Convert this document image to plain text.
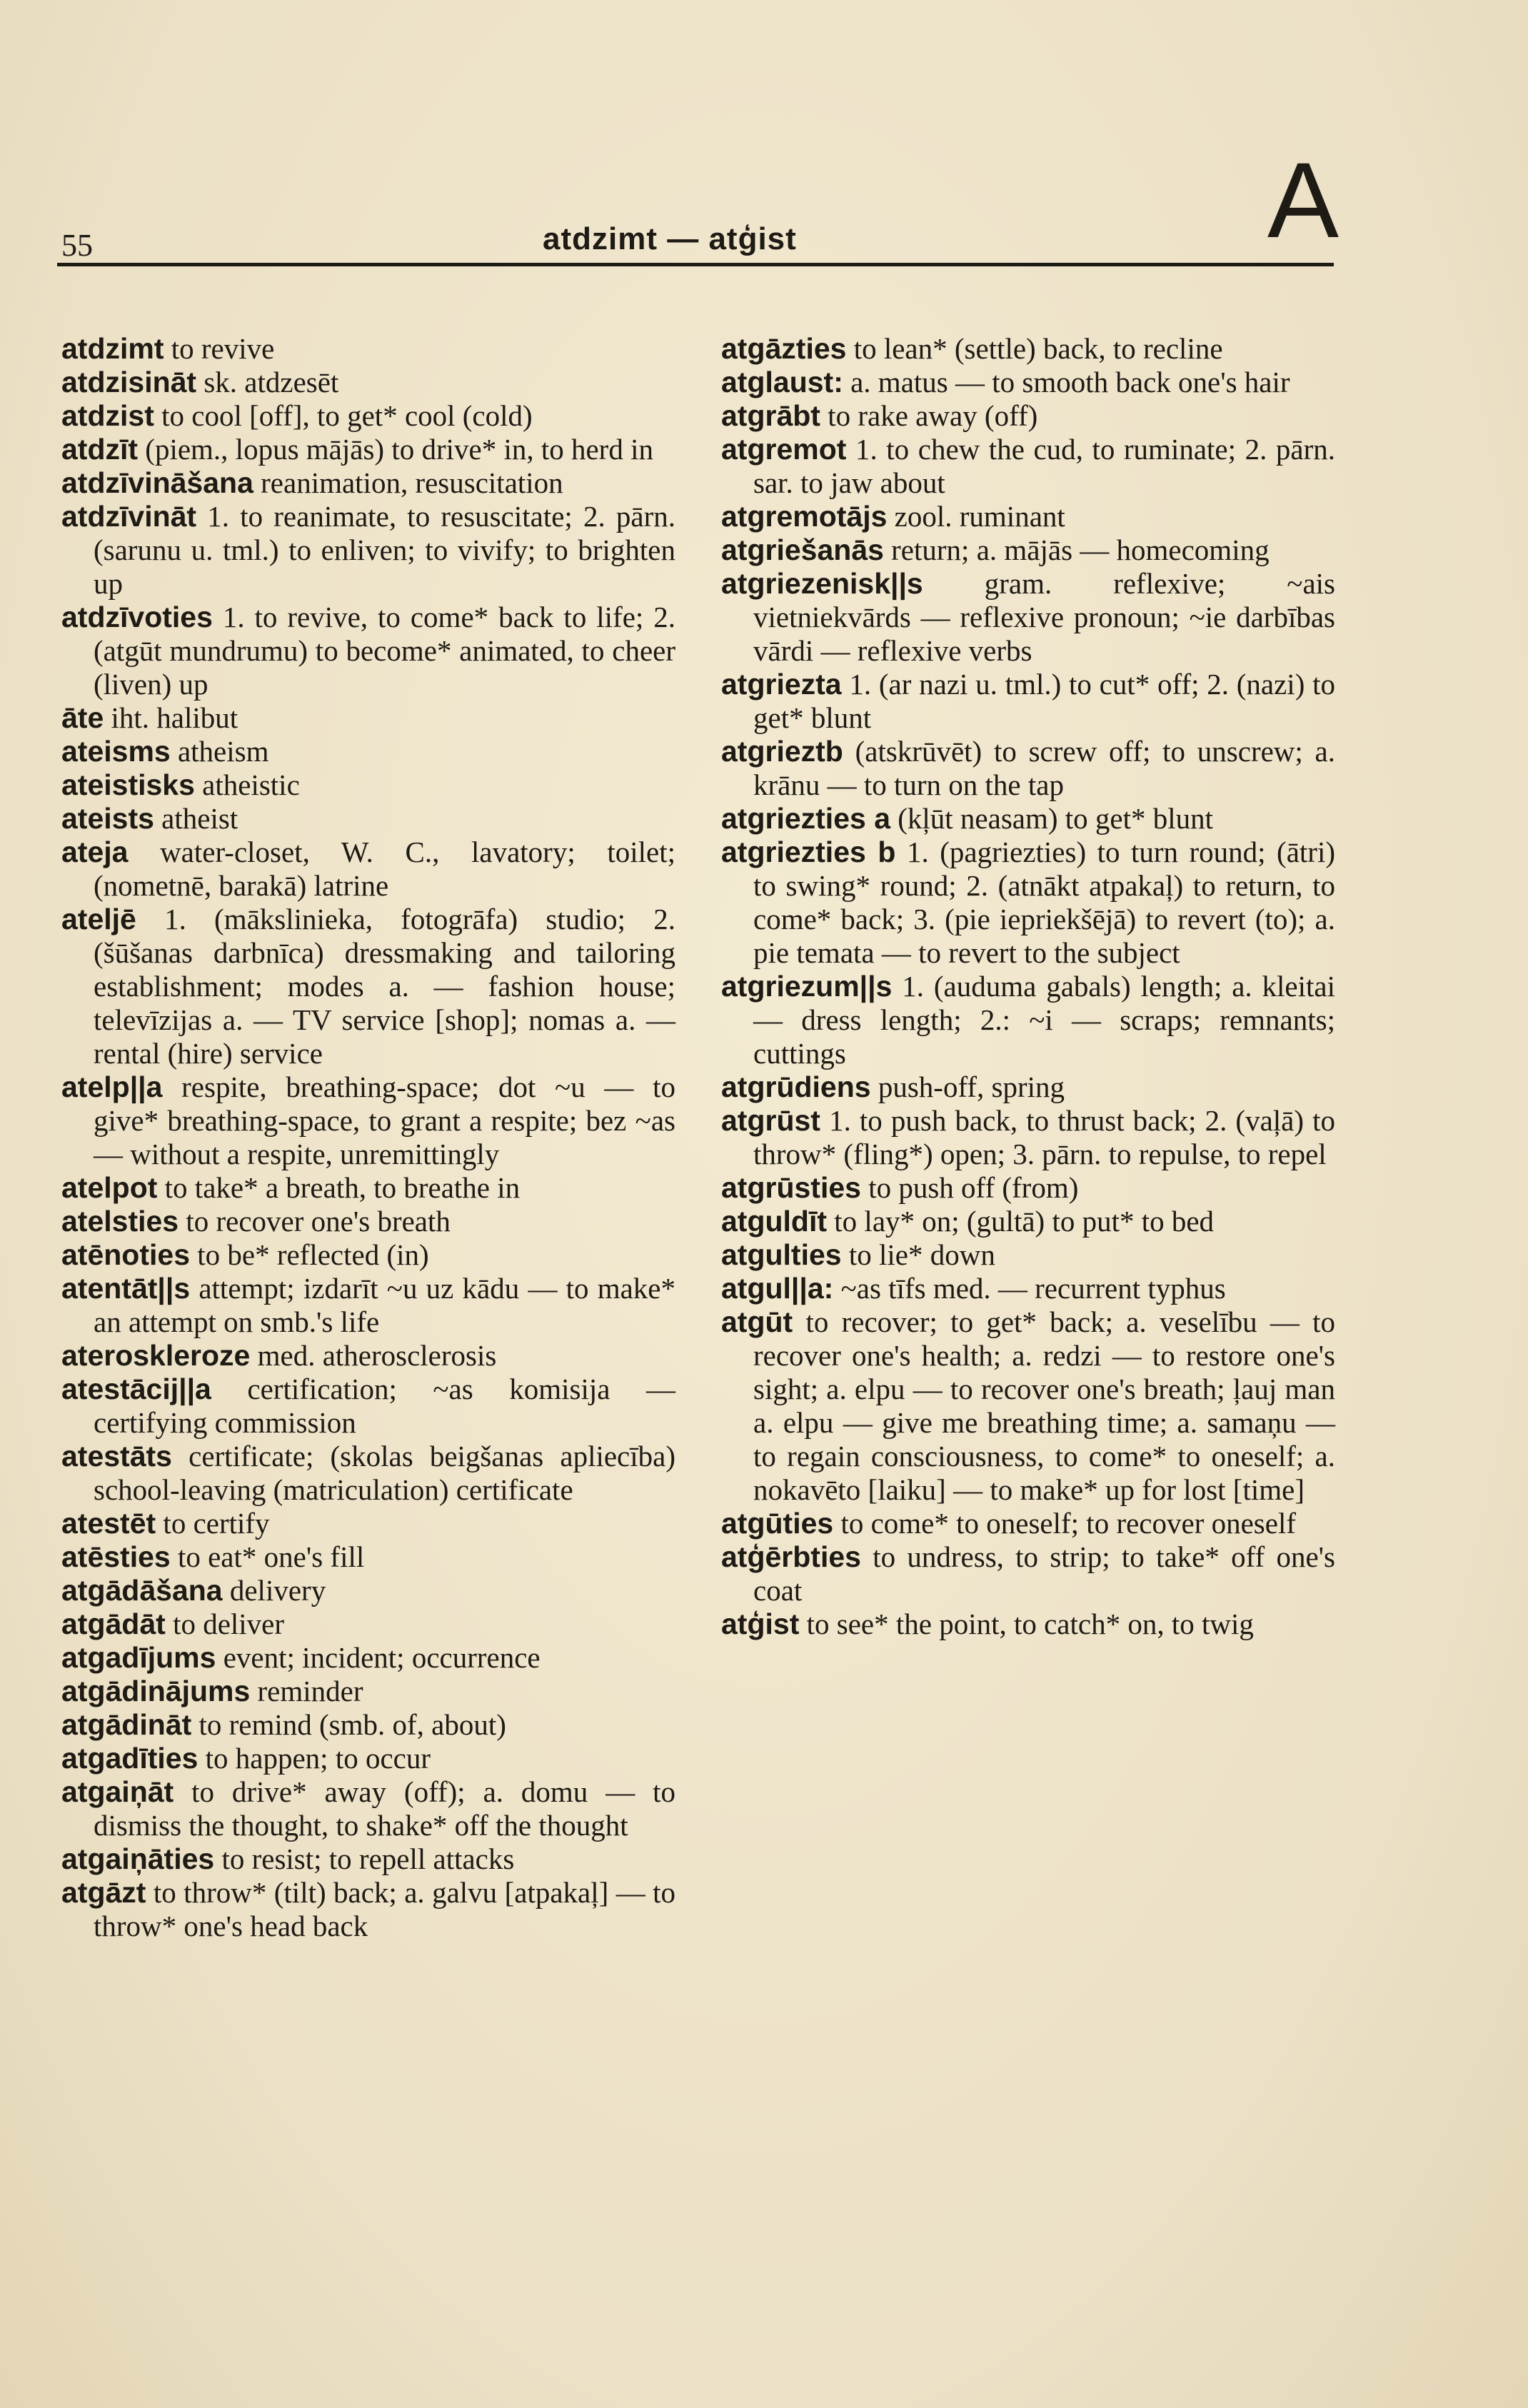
55	atdzimt — atģist	A

atdzimt to revive

atdzisināt sk. atdzesēt

atdzist to cool [off], to get* cool (cold)

atdzīt (piem., lopus mājās) to drive* in, to herd in

atdzīvināšana reanimation, resuscitation

atdzīvināt 1. to reanimate, to resuscitate; 2. pārn. (sarunu u. tml.) to enliven; to vivify; to brighten up

atdzīvoties 1. to revive, to come* back to life; 2. (atgūt mundrumu) to become* animated, to cheer (liven) up

āte iht. halibut

ateisms atheism

ateistisks atheistic

ateists atheist

ateja water-closet, W. C., lavatory; toilet; (nometnē, barakā) latrine

ateljē 1. (mākslinieka, fotogrāfa) studio; 2. (šūšanas darbnīca) dressmaking and tailoring establishment; modes a. — fashion house; televīzijas a. — TV service [shop]; nomas a. — rental (hire) service

atelp||a respite, breathing-space; dot ~u — to give* breathing-space, to grant a respite; bez ~as — without a respite, unremittingly

atelpot to take* a breath, to breathe in

atelsties to recover one's breath

atēnoties to be* reflected (in)

atentāt||s attempt; izdarīt ~u uz kādu — to make* an attempt on smb.'s life

ateroskleroze med. atherosclerosis

atestācij||a certification; ~as komisija — certifying commission

atestāts certificate; (skolas beigšanas apliecība) school-leaving (matriculation) certificate

atestēt to certify

atēsties to eat* one's fill

atgādāšana delivery

atgādāt to deliver

atgadījums event; incident; occurrence

atgādinājums reminder

atgādināt to remind (smb. of, about)

atgadīties to happen; to occur

atgaiņāt to drive* away (off); a. domu — to dismiss the thought, to shake* off the thought

atgaiņāties to resist; to repell attacks

atgāzt to throw* (tilt) back; a. galvu [atpakaļ] — to throw* one's head back

atgāzties to lean* (settle) back, to recline

atglaust: a. matus — to smooth back one's hair

atgrābt to rake away (off)

atgremot 1. to chew the cud, to ruminate; 2. pārn. sar. to jaw about

atgremotājs zool. ruminant

atgriešanās return; a. mājās — homecoming

atgriezenisk||s gram. reflexive; ~ais vietniekvārds — reflexive pronoun; ~ie darbības vārdi — reflexive verbs

atgriezta 1. (ar nazi u. tml.) to cut* off; 2. (nazi) to get* blunt

atgrieztb (atskrūvēt) to screw off; to unscrew; a. krānu — to turn on the tap

atgriezties a (kļūt neasam) to get* blunt

atgriezties b 1. (pagriezties) to turn round; (ātri) to swing* round; 2. (atnākt atpakaļ) to return, to come* back; 3. (pie iepriekšējā) to revert (to); a. pie temata — to revert to the subject

atgriezum||s 1. (auduma gabals) length; a. kleitai — dress length; 2.: ~i — scraps; remnants; cuttings

atgrūdiens push-off, spring

atgrūst 1. to push back, to thrust back; 2. (vaļā) to throw* (fling*) open; 3. pārn. to repulse, to repel

atgrūsties to push off (from)

atguldīt to lay* on; (gultā) to put* to bed

atgulties to lie* down

atgul||a: ~as tīfs med. — recurrent typhus

atgūt to recover; to get* back; a. veselību — to recover one's health; a. redzi — to restore one's sight; a. elpu — to recover one's breath; ļauj man a. elpu — give me breathing time; a. samaņu — to regain consciousness, to come* to oneself; a. nokavēto [laiku] — to make* up for lost [time]

atgūties to come* to oneself; to recover oneself

atģērbties to undress, to strip; to take* off one's coat

atģist to see* the point, to catch* on, to twig
